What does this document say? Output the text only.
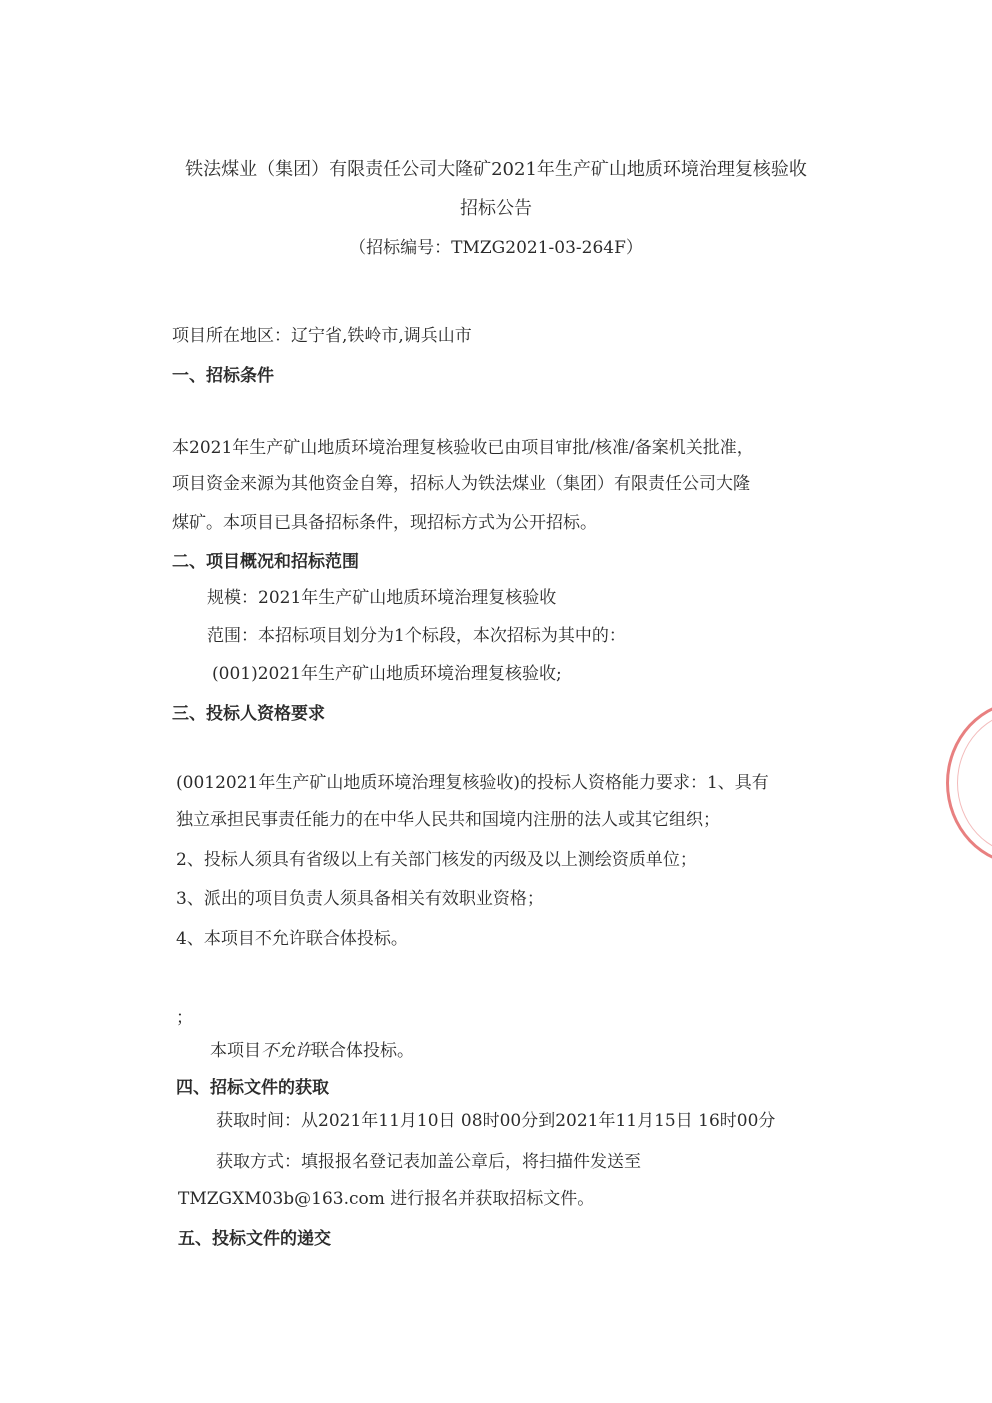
铁法煤业（集团）有限责任公司大隆矿2021年生产矿山地质环境治理复核验收
招标公告
（招标编号：TMZG2021-03-264F）
项目所在地区：辽宁省,铁岭市,调兵山市
一、招标条件
本2021年生产矿山地质环境治理复核验收已由项目审批/核准/备案机关批准，
项目资金来源为其他资金自筹，招标人为铁法煤业（集团）有限责任公司大隆
煤矿。本项目已具备招标条件，现招标方式为公开招标。
二、项目概况和招标范围
规模：2021年生产矿山地质环境治理复核验收
范围：本招标项目划分为1个标段，本次招标为其中的：
(001)2021年生产矿山地质环境治理复核验收;
三、投标人资格要求
(0012021年生产矿山地质环境治理复核验收)的投标人资格能力要求：1、具有
独立承担民事责任能力的在中华人民共和国境内注册的法人或其它组织；
2、投标人须具有省级以上有关部门核发的丙级及以上测绘资质单位；
3、派出的项目负责人须具备相关有效职业资格；
4、本项目不允许联合体投标。
；
本项目不允许联合体投标。
四、招标文件的获取
获取时间：从2021年11月10日 08时00分到2021年11月15日 16时00分
获取方式：填报报名登记表加盖公章后，将扫描件发送至
TMZGXM03b@163.com 进行报名并获取招标文件。
五、投标文件的递交
